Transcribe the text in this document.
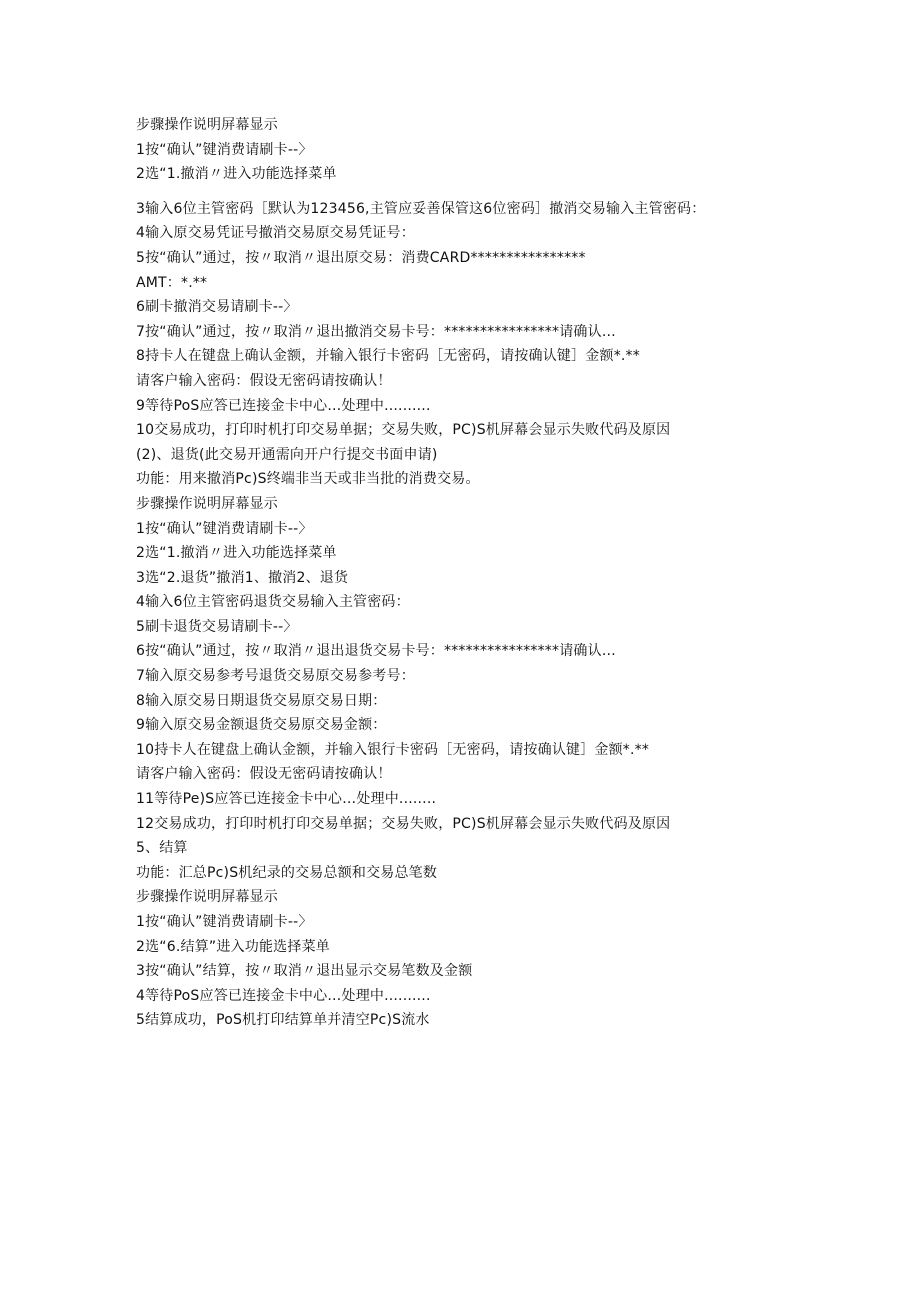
步骤操作说明屏幕显示
1按“确认”键消费请刷卡--〉
2选“1.撤消〃进入功能选择菜单
3输入6位主管密码［默认为123456,主管应妥善保管这6位密码］撤消交易输入主管密码：
4输入原交易凭证号撤消交易原交易凭证号：
5按“确认”通过，按〃取消〃退出原交易：消费CARD****************
AMT：*.**
6刷卡撤消交易请刷卡--〉
7按“确认”通过，按〃取消〃退出撤消交易卡号：****************请确认…
8持卡人在键盘上确认金额，并输入银行卡密码［无密码，请按确认键］金额*.**
请客户输入密码：假设无密码请按确认！
9等待PoS应答已连接金卡中心…处理中..........
10交易成功，打印时机打印交易单据；交易失败，PC)S机屏幕会显示失败代码及原因
(2)、退货(此交易开通需向开户行提交书面申请)
功能：用来撤消Pc)S终端非当天或非当批的消费交易。
步骤操作说明屏幕显示
1按“确认”键消费请刷卡--〉
2选“1.撤消〃进入功能选择菜单
3选“2.退货”撤消1、撤消2、退货
4输入6位主管密码退货交易输入主管密码：
5刷卡退货交易请刷卡--〉
6按“确认”通过，按〃取消〃退出退货交易卡号：****************请确认…
7输入原交易参考号退货交易原交易参考号：
8输入原交易日期退货交易原交易日期：
9输入原交易金额退货交易原交易金额：
10持卡人在键盘上确认金额，并输入银行卡密码［无密码，请按确认键］金额*.**
请客户输入密码：假设无密码请按确认！
11等待Pe)S应答已连接金卡中心…处理中........
12交易成功，打印时机打印交易单据；交易失败，PC)S机屏幕会显示失败代码及原因
5、结算
功能：汇总Pc)S机纪录的交易总额和交易总笔数
步骤操作说明屏幕显示
1按“确认”键消费请刷卡--〉
2选“6.结算”进入功能选择菜单
3按“确认”结算，按〃取消〃退出显示交易笔数及金额
4等待PoS应答已连接金卡中心…处理中..........
5结算成功，PoS机打印结算单并清空Pc)S流水
